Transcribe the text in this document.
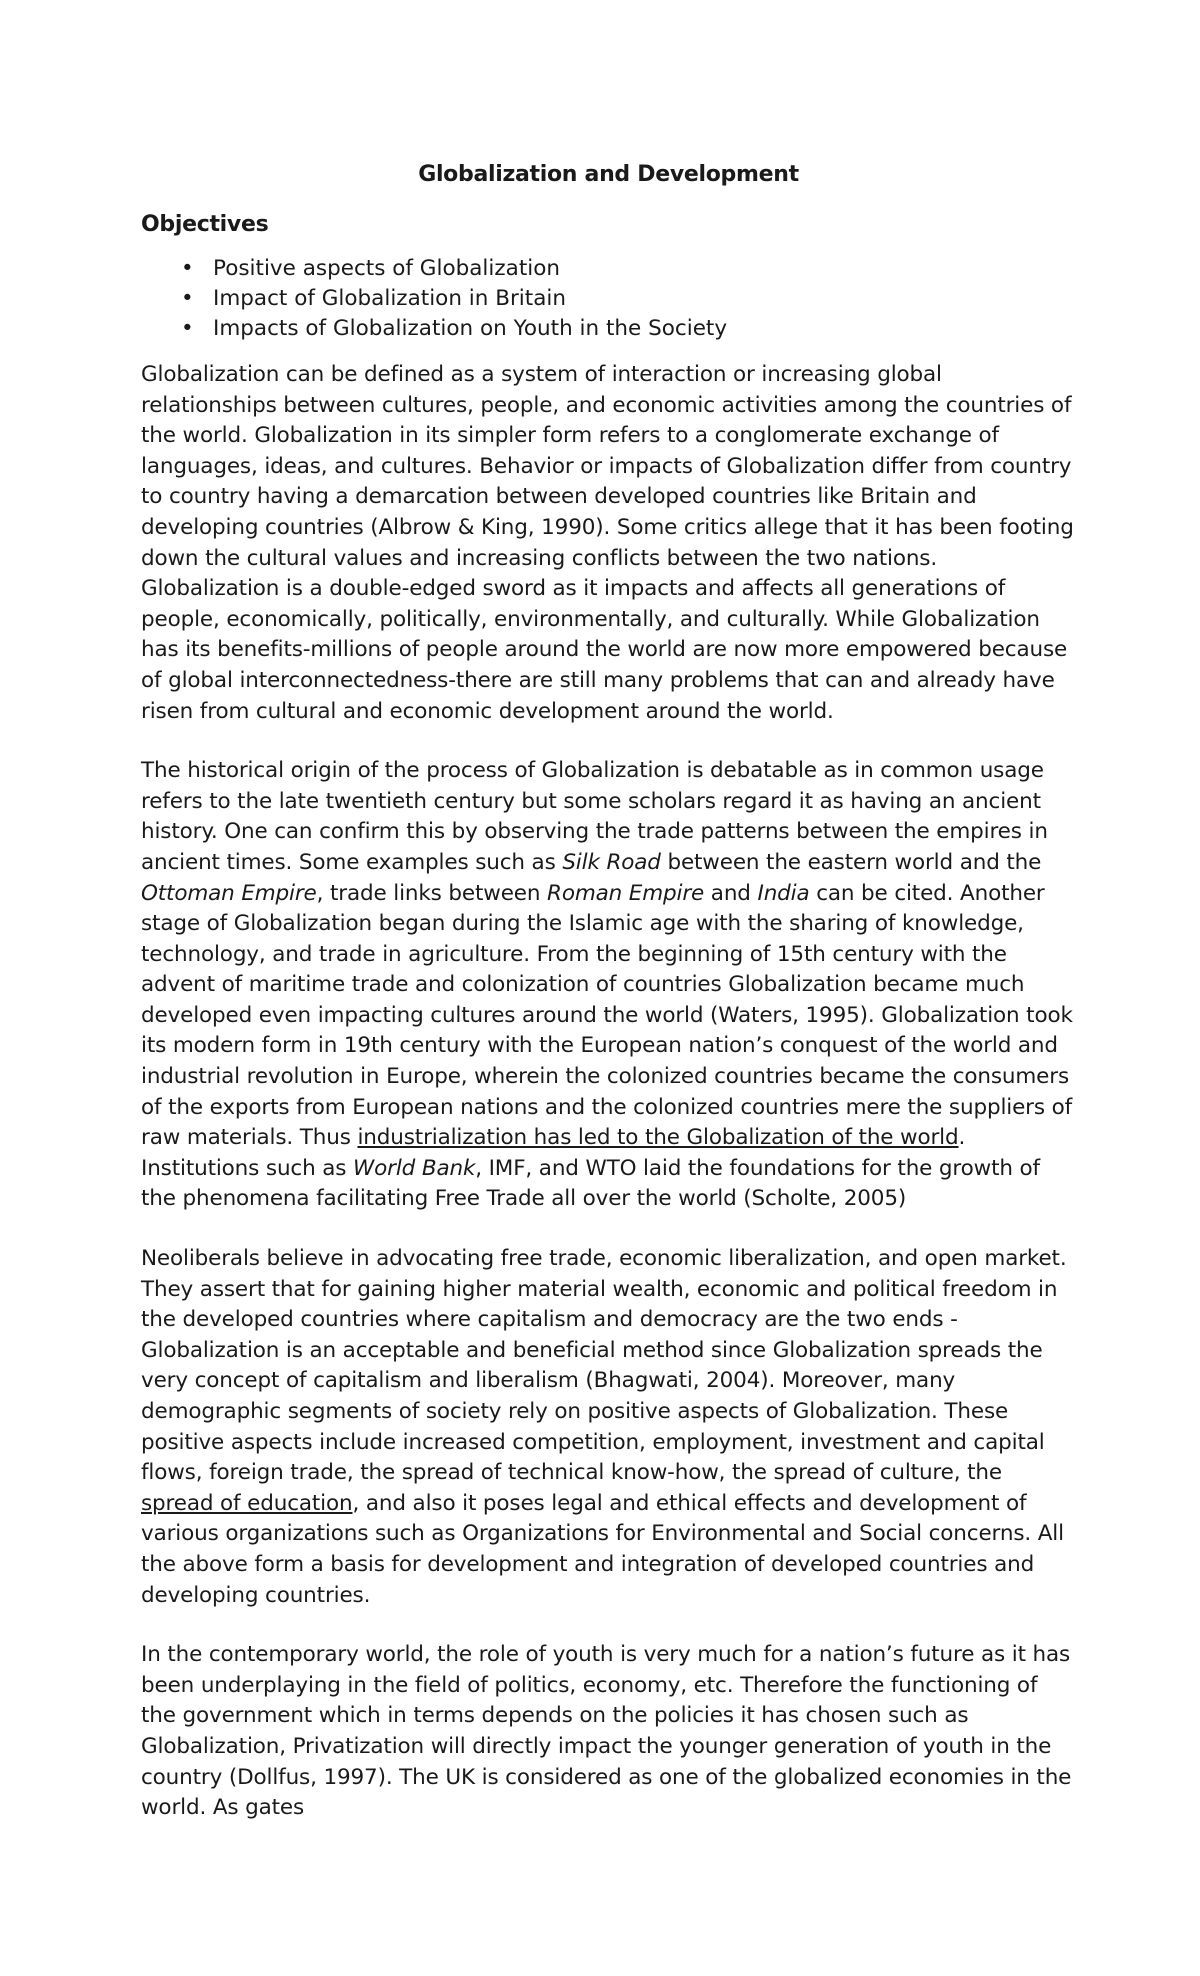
Globalization and Development
Objectives
• Positive aspects of Globalization
• Impact of Globalization in Britain
• Impacts of Globalization on Youth in the Society

Globalization can be defined as a system of interaction or increasing global relationships between cultures, people, and economic activities among the countries of the world. Globalization in its simpler form refers to a conglomerate exchange of languages, ideas, and cultures. Behavior or impacts of Globalization differ from country to country having a demarcation between developed countries like Britain and developing countries (Albrow & King, 1990). Some critics allege that it has been footing down the cultural values and increasing conflicts between the two nations. Globalization is a double-edged sword as it impacts and affects all generations of people, economically, politically, environmentally, and culturally. While Globalization has its benefits-millions of people around the world are now more empowered because of global interconnectedness-there are still many problems that can and already have risen from cultural and economic development around the world.

The historical origin of the process of Globalization is debatable as in common usage refers to the late twentieth century but some scholars regard it as having an ancient history. One can confirm this by observing the trade patterns between the empires in ancient times. Some examples such as Silk Road between the eastern world and the Ottoman Empire, trade links between Roman Empire and India can be cited. Another stage of Globalization began during the Islamic age with the sharing of knowledge, technology, and trade in agriculture. From the beginning of 15th century with the advent of maritime trade and colonization of countries Globalization became much developed even impacting cultures around the world (Waters, 1995). Globalization took its modern form in 19th century with the European nation’s conquest of the world and industrial revolution in Europe, wherein the colonized countries became the consumers of the exports from European nations and the colonized countries mere the suppliers of raw materials. Thus industrialization has led to the Globalization of the world. Institutions such as World Bank, IMF, and WTO laid the foundations for the growth of the phenomena facilitating Free Trade all over the world (Scholte, 2005)

Neoliberals believe in advocating free trade, economic liberalization, and open market. They assert that for gaining higher material wealth, economic and political freedom in the developed countries where capitalism and democracy are the two ends - Globalization is an acceptable and beneficial method since Globalization spreads the very concept of capitalism and liberalism (Bhagwati, 2004). Moreover, many demographic segments of society rely on positive aspects of Globalization. These positive aspects include increased competition, employment, investment and capital flows, foreign trade, the spread of technical know-how, the spread of culture, the spread of education, and also it poses legal and ethical effects and development of various organizations such as Organizations for Environmental and Social concerns. All the above form a basis for development and integration of developed countries and developing countries.

In the contemporary world, the role of youth is very much for a nation’s future as it has been underplaying in the field of politics, economy, etc. Therefore the functioning of the government which in terms depends on the policies it has chosen such as Globalization, Privatization will directly impact the younger generation of youth in the country (Dollfus, 1997). The UK is considered as one of the globalized economies in the world. As gates
